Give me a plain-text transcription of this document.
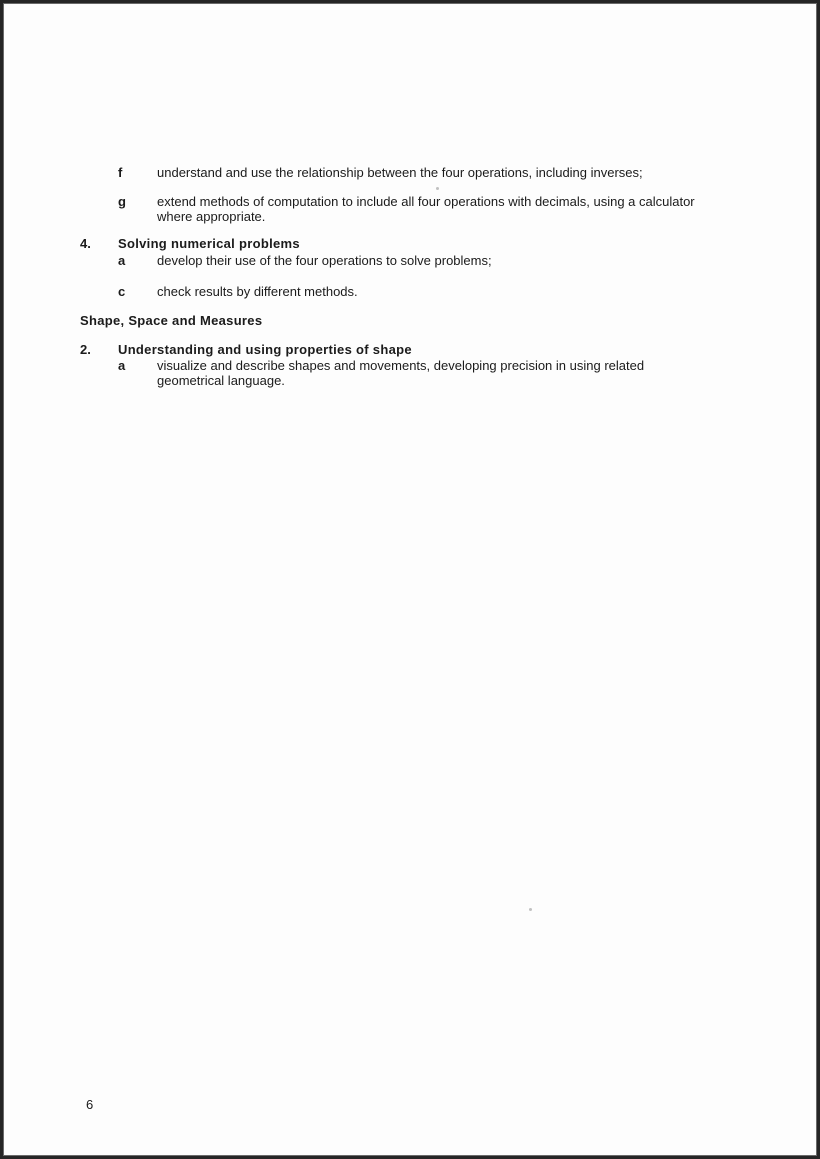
f	understand and use the relationship between the four operations, including inverses;
g	extend methods of computation to include all four operations with decimals, using a calculator
where appropriate.
4.	Solving numerical problems
a	develop their use of the four operations to solve problems;
c	check results by different methods.
Shape, Space and Measures
2.	Understanding and using properties of shape
a	visualize and describe shapes and movements, developing precision in using related
geometrical language.
6
